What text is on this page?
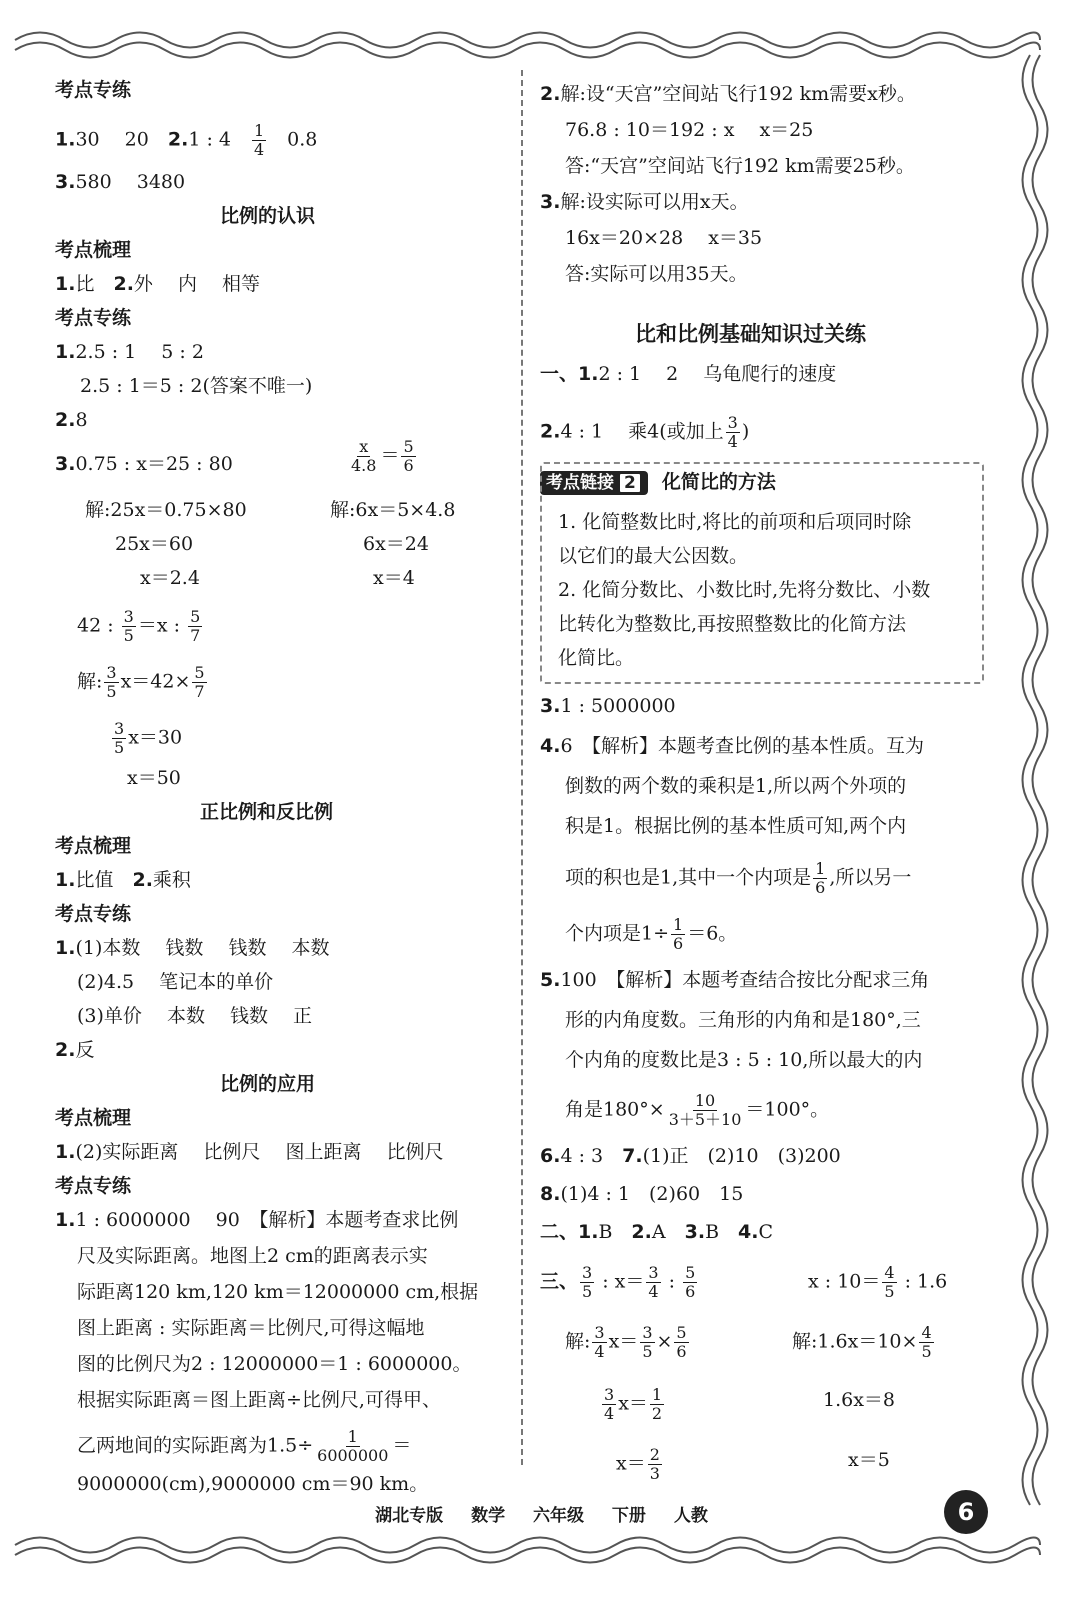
考点专练
1.30　 20　2.1 : 4　 $\frac{1}{4}$ 　0.8
3.580　 3480
比例的认识
考点梳理
1.比　2.外　 内　 相等
考点专练
1.2.5 : 1　 5 : 2
2.5 : 1＝5 : 2(答案不唯一)
2.8
3.0.75 : x＝25 : 80	$\frac{x}{4.8} = \frac{5}{6}$
解:25x＝0.75×80
25x＝60
x＝2.4
解:6x＝5×4.8
6x＝24
x＝4
42 : $\frac{3}{5} =x$ : $\frac{5}{7}$
解: $\frac{3}{5} x=42\times \frac{5}{7}$
$\frac{3}{5} x=30$
x＝50
正比例和反比例
考点梳理
1.比值　2.乘积
考点专练
1.(1)本数　 钱数　 钱数　 本数
(2)4.5　 笔记本的单价
(3)单价　 本数　 钱数　 正
2.反
比例的应用
考点梳理
1.(2)实际距离　 比例尺　 图上距离　 比例尺
考点专练
1.1 : 6000000　 90　【解析】本题考查求比例
尺及实际距离。地图上2 cm的距离表示实
际距离120 km,120 km＝12000000 cm,根据
图上距离 : 实际距离＝比例尺,可得这幅地
图的比例尺为2 : 12000000＝1 : 6000000。
根据实际距离＝图上距离÷比例尺,可得甲、
乙两地间的实际距离为$1.5\div \frac{1}{6000000}$ ＝
9000000(cm),9000000 cm＝90 km。
2.解:设“天宫”空间站飞行192 km需要x秒。
76.8 : 10＝192 : x　 x＝25
答:“天宫”空间站飞行192 km需要25秒。
3.解:设实际可以用x天。
16x＝20×28　 x＝35
答:实际可以用35天。
比和比例基础知识过关练
一、1.2 : 1　 2　 乌龟爬行的速度
2.4 : 1　 乘4(或加上 $\frac{3}{4}$ )
考点链接 2 化简比的方法
1. 化简整数比时,将比的前项和后项同时除
以它们的最大公因数。
2. 化简分数比、小数比时,先将分数比、小数
比转化为整数比,再按照整数比的化简方法
化简比。
3.1 : 5000000
4.6　【解析】本题考查比例的基本性质。互为
倒数的两个数的乘积是1,所以两个外项的
积是1。根据比例的基本性质可知,两个内
项的积也是1,其中一个内项是 $\frac{1}{6}$ ,所以另一
个内项是$1\div \frac{1}{6} =6$。
5.100　【解析】本题考查结合按比分配求三角
形的内角度数。三角形的内角和是180°,三
个内角的度数比是3 : 5 : 10,所以最大的内
角是$180^\circ\times \frac{10}{3+5+10} =100^\circ$。
6.4 : 3　7.(1)正　(2)10　(3)200
8.(1)4 : 1　(2)60　15
二、1.B　2.A　3.B　4.C
三、 $\frac{3}{5}$ : $x= \frac{3}{4}$ : $\frac{5}{6}$	x : $10= \frac{4}{5}$ : 1.6
解: $\frac{3}{4} x= \frac{3}{5} \times \frac{5}{6}$	解:1.6x＝10× $\frac{4}{5}$
$\frac{3}{4} x= \frac{1}{2}$	1.6x＝8
$x= \frac{2}{3}$	x＝5
湖北专版 数学 六年级 下册 人教	6
